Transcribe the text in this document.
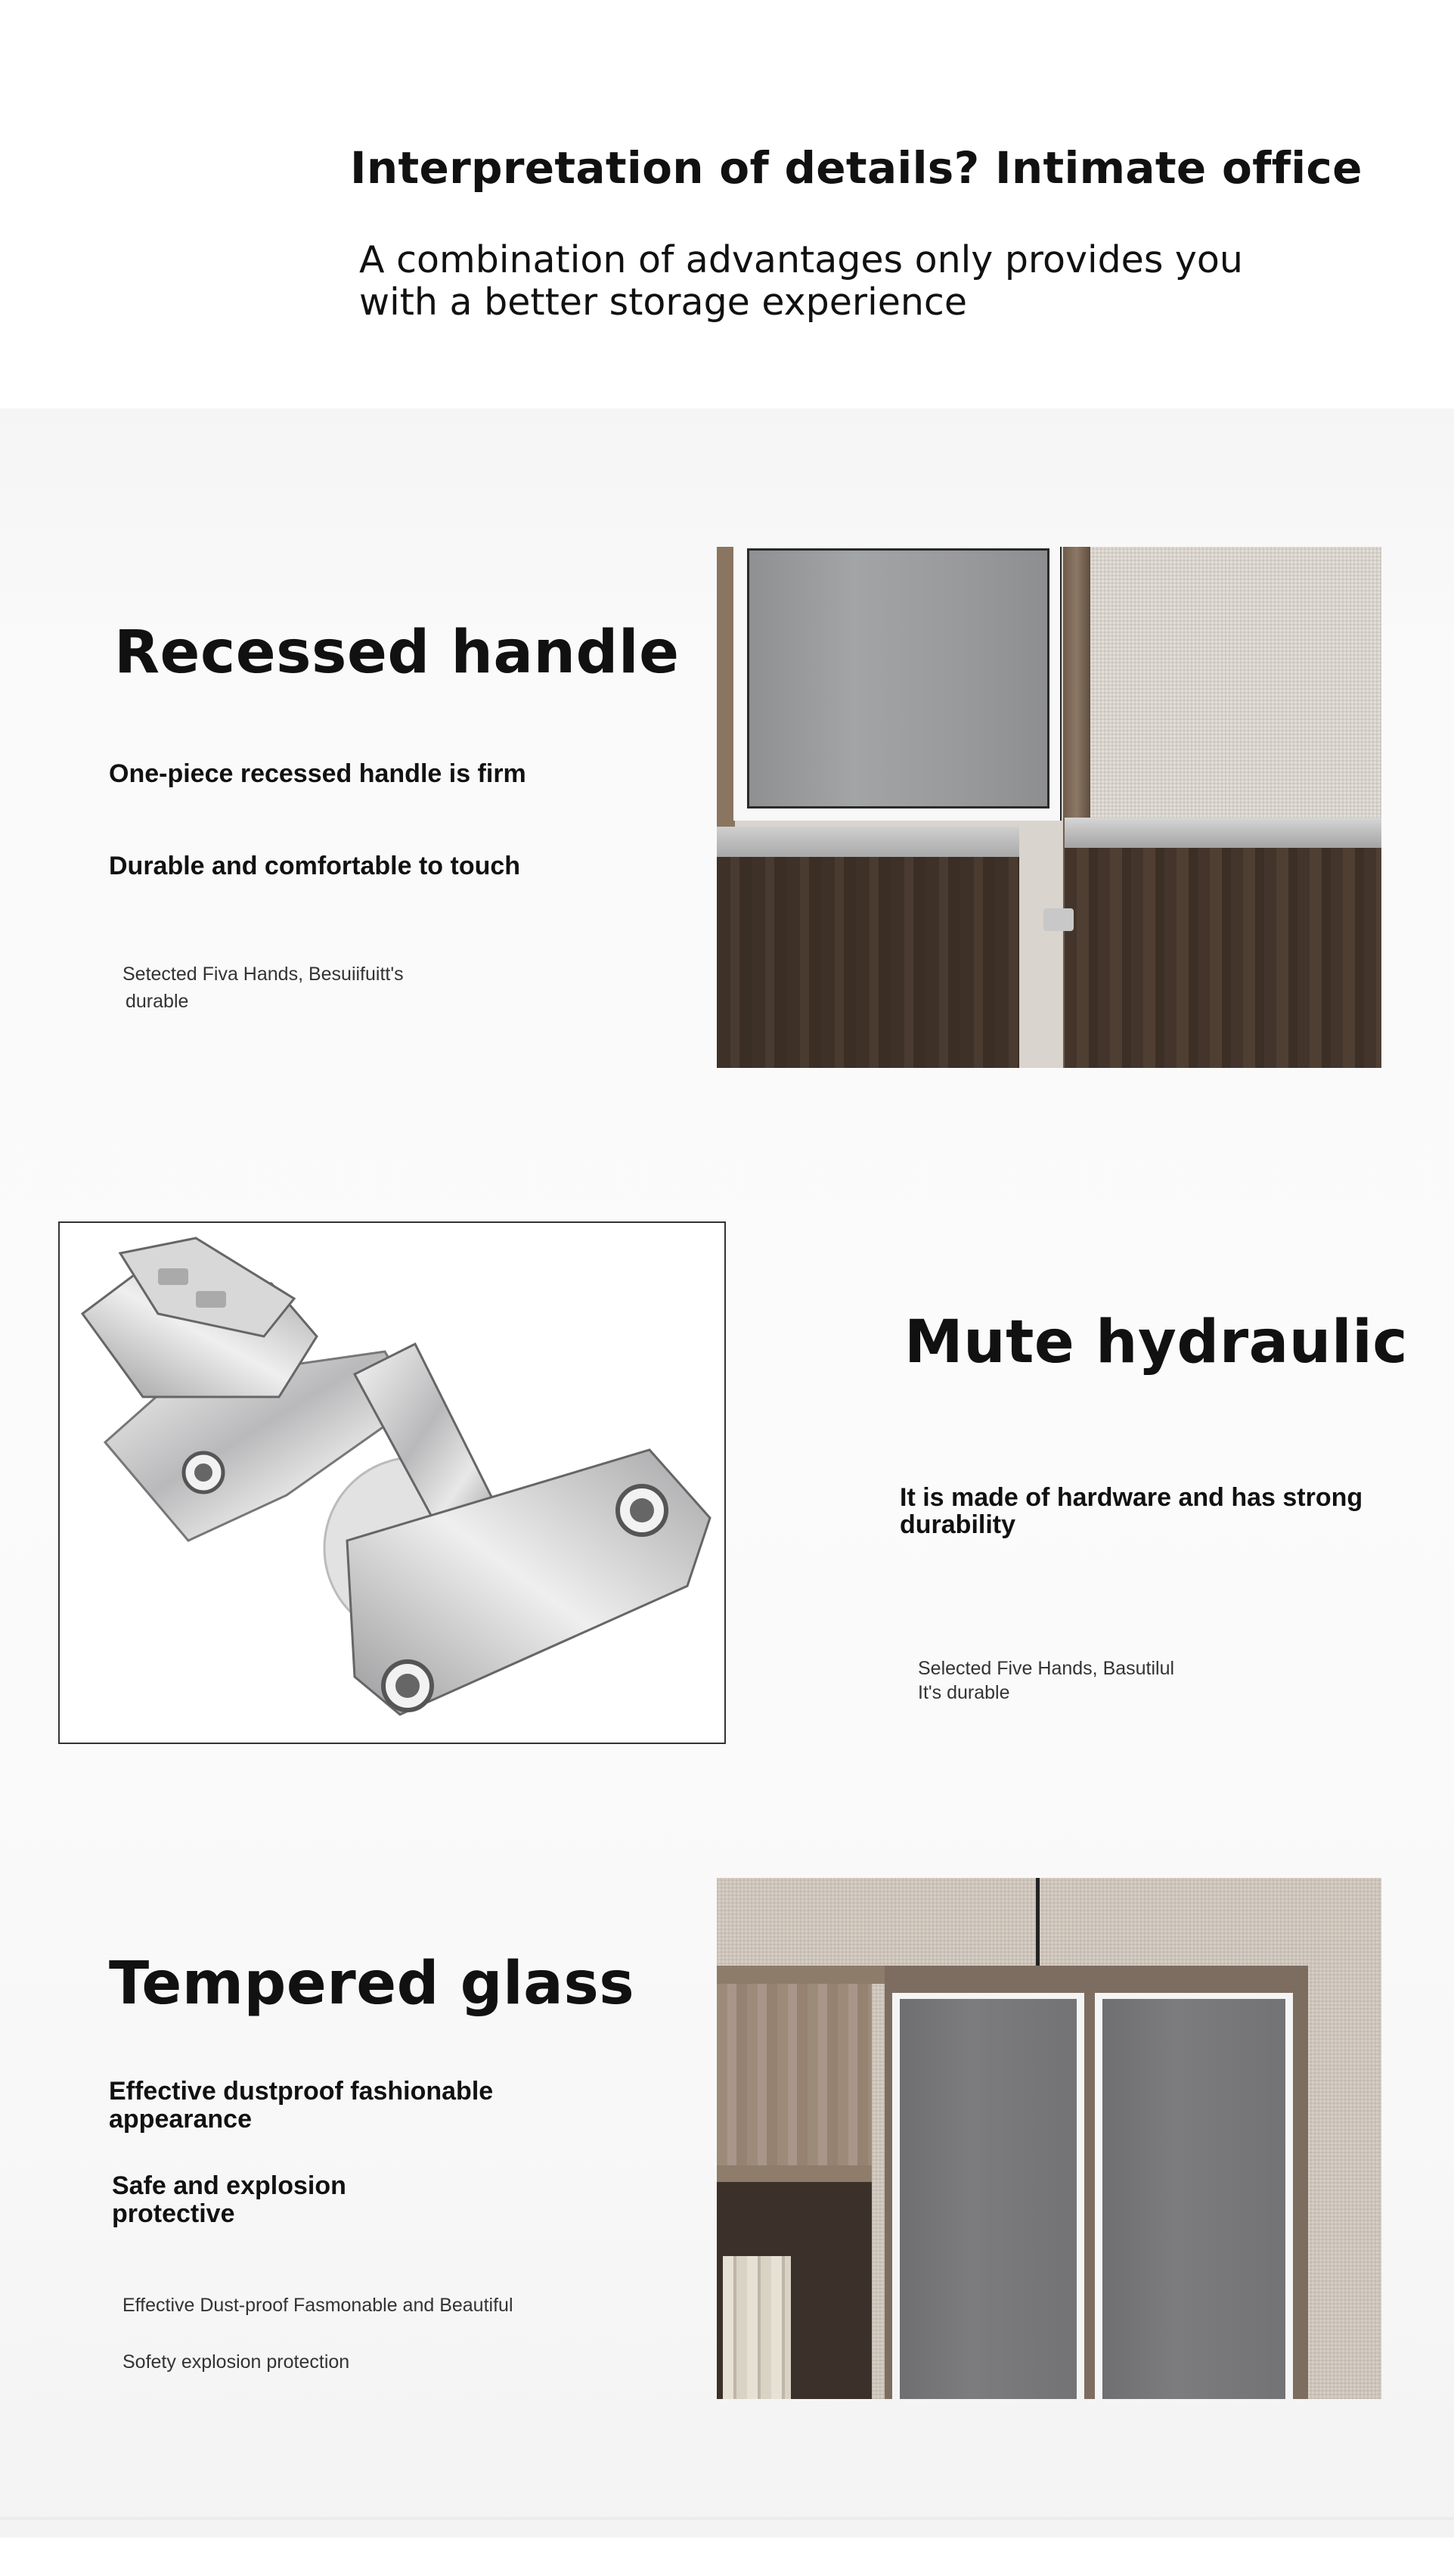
Interpretation of details? Intimate office
A combination of advantages only provides you
with a better storage experience
Recessed handle
One-piece recessed handle is firm
Durable and comfortable to touch
Setected Fiva Hands, Besuiifuitt's
durable
Mute hydraulic
It is made of hardware and has strong
durability
Selected Five Hands, Basutilul
It's durable
Tempered glass
Effective dustproof fashionable
appearance
Safe and explosion
protective
Effective Dust-proof Fasmonable and Beautiful
Sofety explosion protection
